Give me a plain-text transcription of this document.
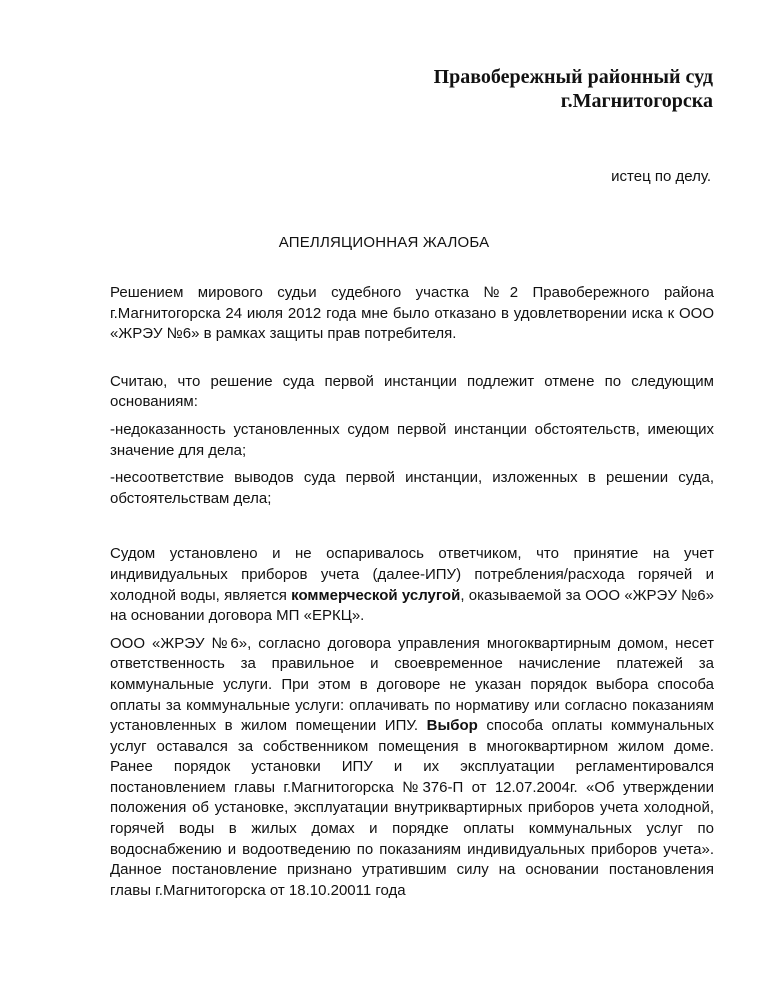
Правобережный районный суд
г.Магнитогорска
истец по делу.
АПЕЛЛЯЦИОННАЯ ЖАЛОБА

Решением мирового судьи судебного участка №2 Правобережного района г.Магнитогорска 24 июля 2012 года мне было отказано в удовлетворении иска к ООО «ЖРЭУ №6» в рамках защиты прав потребителя.

Считаю, что решение суда первой инстанции подлежит отмене по следующим основаниям:

-недоказанность установленных судом первой инстанции обстоятельств, имеющих значение для дела;

-несоответствие выводов суда первой инстанции, изложенных в решении суда, обстоятельствам дела;

Судом установлено и не оспаривалось ответчиком, что принятие на учет индивидуальных приборов учета (далее-ИПУ) потребления/расхода горячей и холодной воды, является коммерческой услугой, оказываемой за ООО «ЖРЭУ №6» на основании договора МП «ЕРКЦ».

ООО «ЖРЭУ №6», согласно договора управления многоквартирным домом, несет ответственность за правильное и своевременное начисление платежей за коммунальные услуги. При этом в договоре не указан порядок выбора способа оплаты за коммунальные услуги: оплачивать по нормативу или согласно показаниям установленных в жилом помещении ИПУ. Выбор способа оплаты коммунальных услуг оставался за собственником помещения в многоквартирном жилом доме. Ранее порядок установки ИПУ и их эксплуатации регламентировался постановлением главы г.Магнитогорска №376-П от 12.07.2004г. «Об утверждении положения об установке, эксплуатации внутриквартирных приборов учета холодной, горячей воды в жилых домах и порядке оплаты коммунальных услуг по водоснабжению и водоотведению по показаниям индивидуальных приборов учета». Данное постановление признано утратившим силу на основании постановления главы г.Магнитогорска от 18.10.20011 года
